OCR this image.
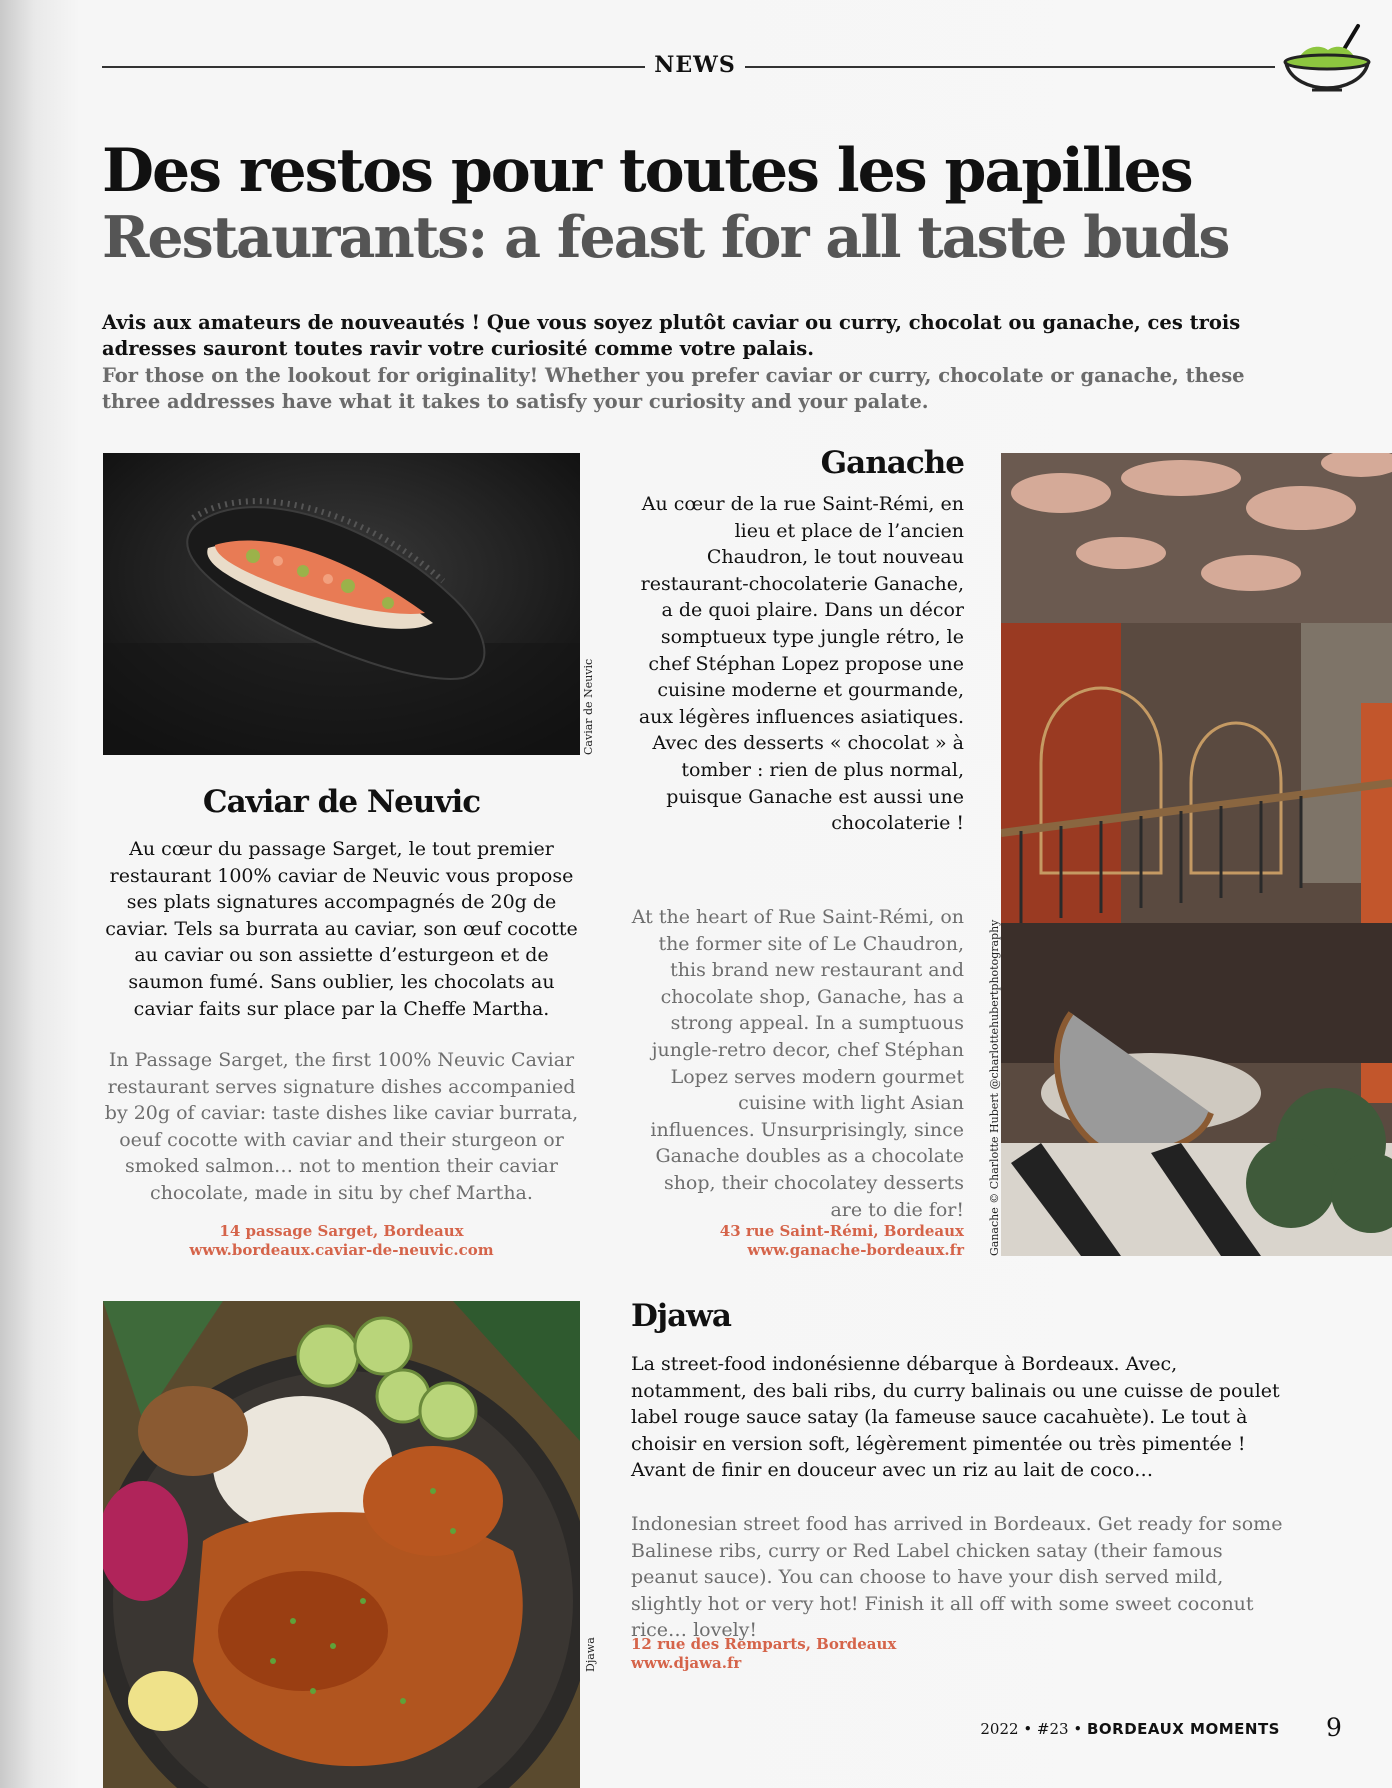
NEWS
Des restos pour toutes les papilles
Restaurants: a feast for all taste buds
Avis aux amateurs de nouveautés ! Que vous soyez plutôt caviar ou curry, chocolat ou ganache, ces trois adresses sauront toutes ravir votre curiosité comme votre palais.
For those on the lookout for originality! Whether you prefer caviar or curry, chocolate or ganache, these three addresses have what it takes to satisfy your curiosity and your palate.
Caviar de Neuvic
Caviar de Neuvic
Au cœur du passage Sarget, le tout premier restaurant 100% caviar de Neuvic vous propose ses plats signatures accompagnés de 20g de caviar. Tels sa burrata au caviar, son œuf cocotte au caviar ou son assiette d’esturgeon et de saumon fumé. Sans oublier, les chocolats au caviar faits sur place par la Cheffe Martha.
In Passage Sarget, the first 100% Neuvic Caviar restaurant serves signature dishes accompanied by 20g of caviar: taste dishes like caviar burrata, oeuf cocotte with caviar and their sturgeon or smoked salmon… not to mention their caviar chocolate, made in situ by chef Martha.
14 passage Sarget, Bordeaux
www.bordeaux.caviar-de-neuvic.com
Ganache
Au cœur de la rue Saint-Rémi, en lieu et place de l’ancien Chaudron, le tout nouveau restaurant-chocolaterie Ganache, a de quoi plaire. Dans un décor somptueux type jungle rétro, le chef Stéphan Lopez propose une cuisine moderne et gourmande, aux légères influences asiatiques. Avec des desserts « chocolat » à tomber : rien de plus normal, puisque Ganache est aussi une chocolaterie !
At the heart of Rue Saint-Rémi, on the former site of Le Chaudron, this brand new restaurant and chocolate shop, Ganache, has a strong appeal. In a sumptuous jungle-retro decor, chef Stéphan Lopez serves modern gourmet cuisine with light Asian influences. Unsurprisingly, since Ganache doubles as a chocolate shop, their chocolatey desserts are to die for!
43 rue Saint-Rémi, Bordeaux
www.ganache-bordeaux.fr Ganache © Charlotte Hubert @charlottehubertphotography
Djawa
Djawa
La street-food indonésienne débarque à Bordeaux. Avec, notamment, des bali ribs, du curry balinais ou une cuisse de poulet label rouge sauce satay (la fameuse sauce cacahuète). Le tout à choisir en version soft, légèrement pimentée ou très pimentée ! Avant de finir en douceur avec un riz au lait de coco…
Indonesian street food has arrived in Bordeaux. Get ready for some Balinese ribs, curry or Red Label chicken satay (their famous peanut sauce). You can choose to have your dish served mild, slightly hot or very hot! Finish it all off with some sweet coconut rice… lovely!
12 rue des Remparts, Bordeaux
www.djawa.fr
2022 • #23 • BORDEAUX MOMENTS 9
